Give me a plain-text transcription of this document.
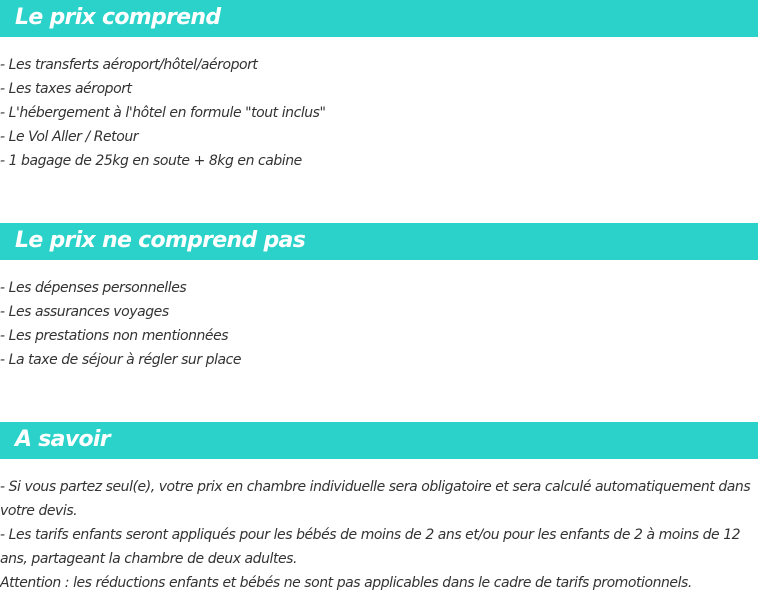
Le prix comprend
- Les transferts aéroport/hôtel/aéroport
- Les taxes aéroport
- L'hébergement à l'hôtel en formule "tout inclus"
- Le Vol Aller / Retour
- 1 bagage de 25kg en soute + 8kg en cabine
Le prix ne comprend pas
- Les dépenses personnelles
- Les assurances voyages
- Les prestations non mentionnées
- La taxe de séjour à régler sur place
A savoir
- Si vous partez seul(e), votre prix en chambre individuelle sera obligatoire et sera calculé automatiquement dans votre devis.
- Les tarifs enfants seront appliqués pour les bébés de moins de 2 ans et/ou pour les enfants de 2 à moins de 12 ans, partageant la chambre de deux adultes.
Attention : les réductions enfants et bébés ne sont pas applicables dans le cadre de tarifs promotionnels.
